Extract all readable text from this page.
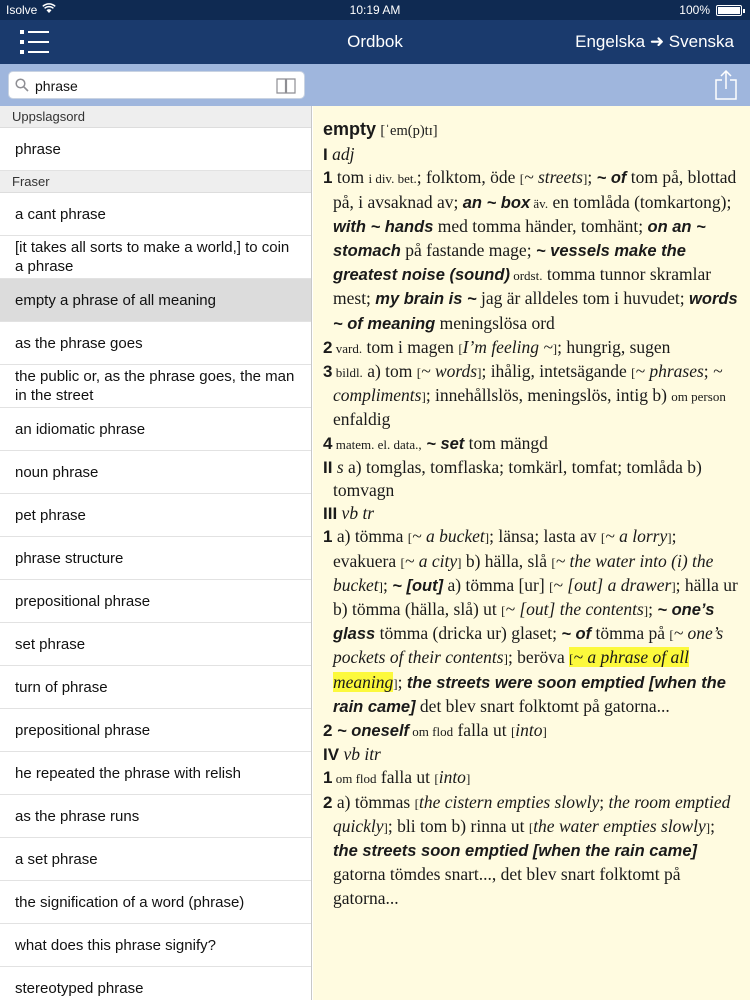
Isolve	10:19 AM	100%
Ordbok	Engelska ➜ Svenska
phrase
Uppslagsord
phrase
Fraser
a cant phrase
[it takes all sorts to make a world,] to coin a phrase
empty a phrase of all meaning
as the phrase goes
the public or, as the phrase goes, the man in the street
an idiomatic phrase
noun phrase
pet phrase
phrase structure
prepositional phrase
set phrase
turn of phrase
prepositional phrase
he repeated the phrase with relish
as the phrase runs
a set phrase
the signification of a word (phrase)
what does this phrase signify?
stereotyped phrase

empty [ˈem(p)tɪ]

I adj

1 tom i div. bet.; folktom, öde [~ streets]; ~ of tom på, blottad på, i avsaknad av; an ~ box äv. en tomlåda (tomkartong); with ~ hands med tomma händer, tomhänt; on an ~ stomach på fastande mage; ~ vessels make the greatest noise (sound) ordst. tomma tunnor skramlar mest; my brain is ~ jag är alldeles tom i huvudet; words ~ of meaning meningslösa ord

2 vard. tom i magen [I’m feeling ~]; hungrig, sugen

3 bildl. a) tom [~ words]; ihålig, intetsägande [~ phrases; ~ compliments]; innehållslös, meningslös, intig b) om person enfaldig

4 matem. el. data., ~ set tom mängd

II s a) tomglas, tomflaska; tomkärl, tomfat; tomlåda b) tomvagn

III vb tr

1 a) tömma [~ a bucket]; länsa; lasta av [~ a lorry]; evakuera [~ a city] b) hälla, slå [~ the water into (i) the bucket]; ~ [out] a) tömma [ur] [~ [out] a drawer]; hälla ur b) tömma (hälla, slå) ut [~ [out] the contents]; ~ one’s glass tömma (dricka ur) glaset; ~ of tömma på [~ one’s pockets of their contents]; beröva [~ a phrase of all meaning]; the streets were soon emptied [when the rain came] det blev snart folktomt på gatorna...

2 ~ oneself om flod falla ut [into]

IV vb itr

1 om flod falla ut [into]

2 a) tömmas [the cistern empties slowly; the room emptied quickly]; bli tom b) rinna ut [the water empties slowly]; the streets soon emptied [when the rain came] gatorna tömdes snart..., det blev snart folktomt på gatorna...
